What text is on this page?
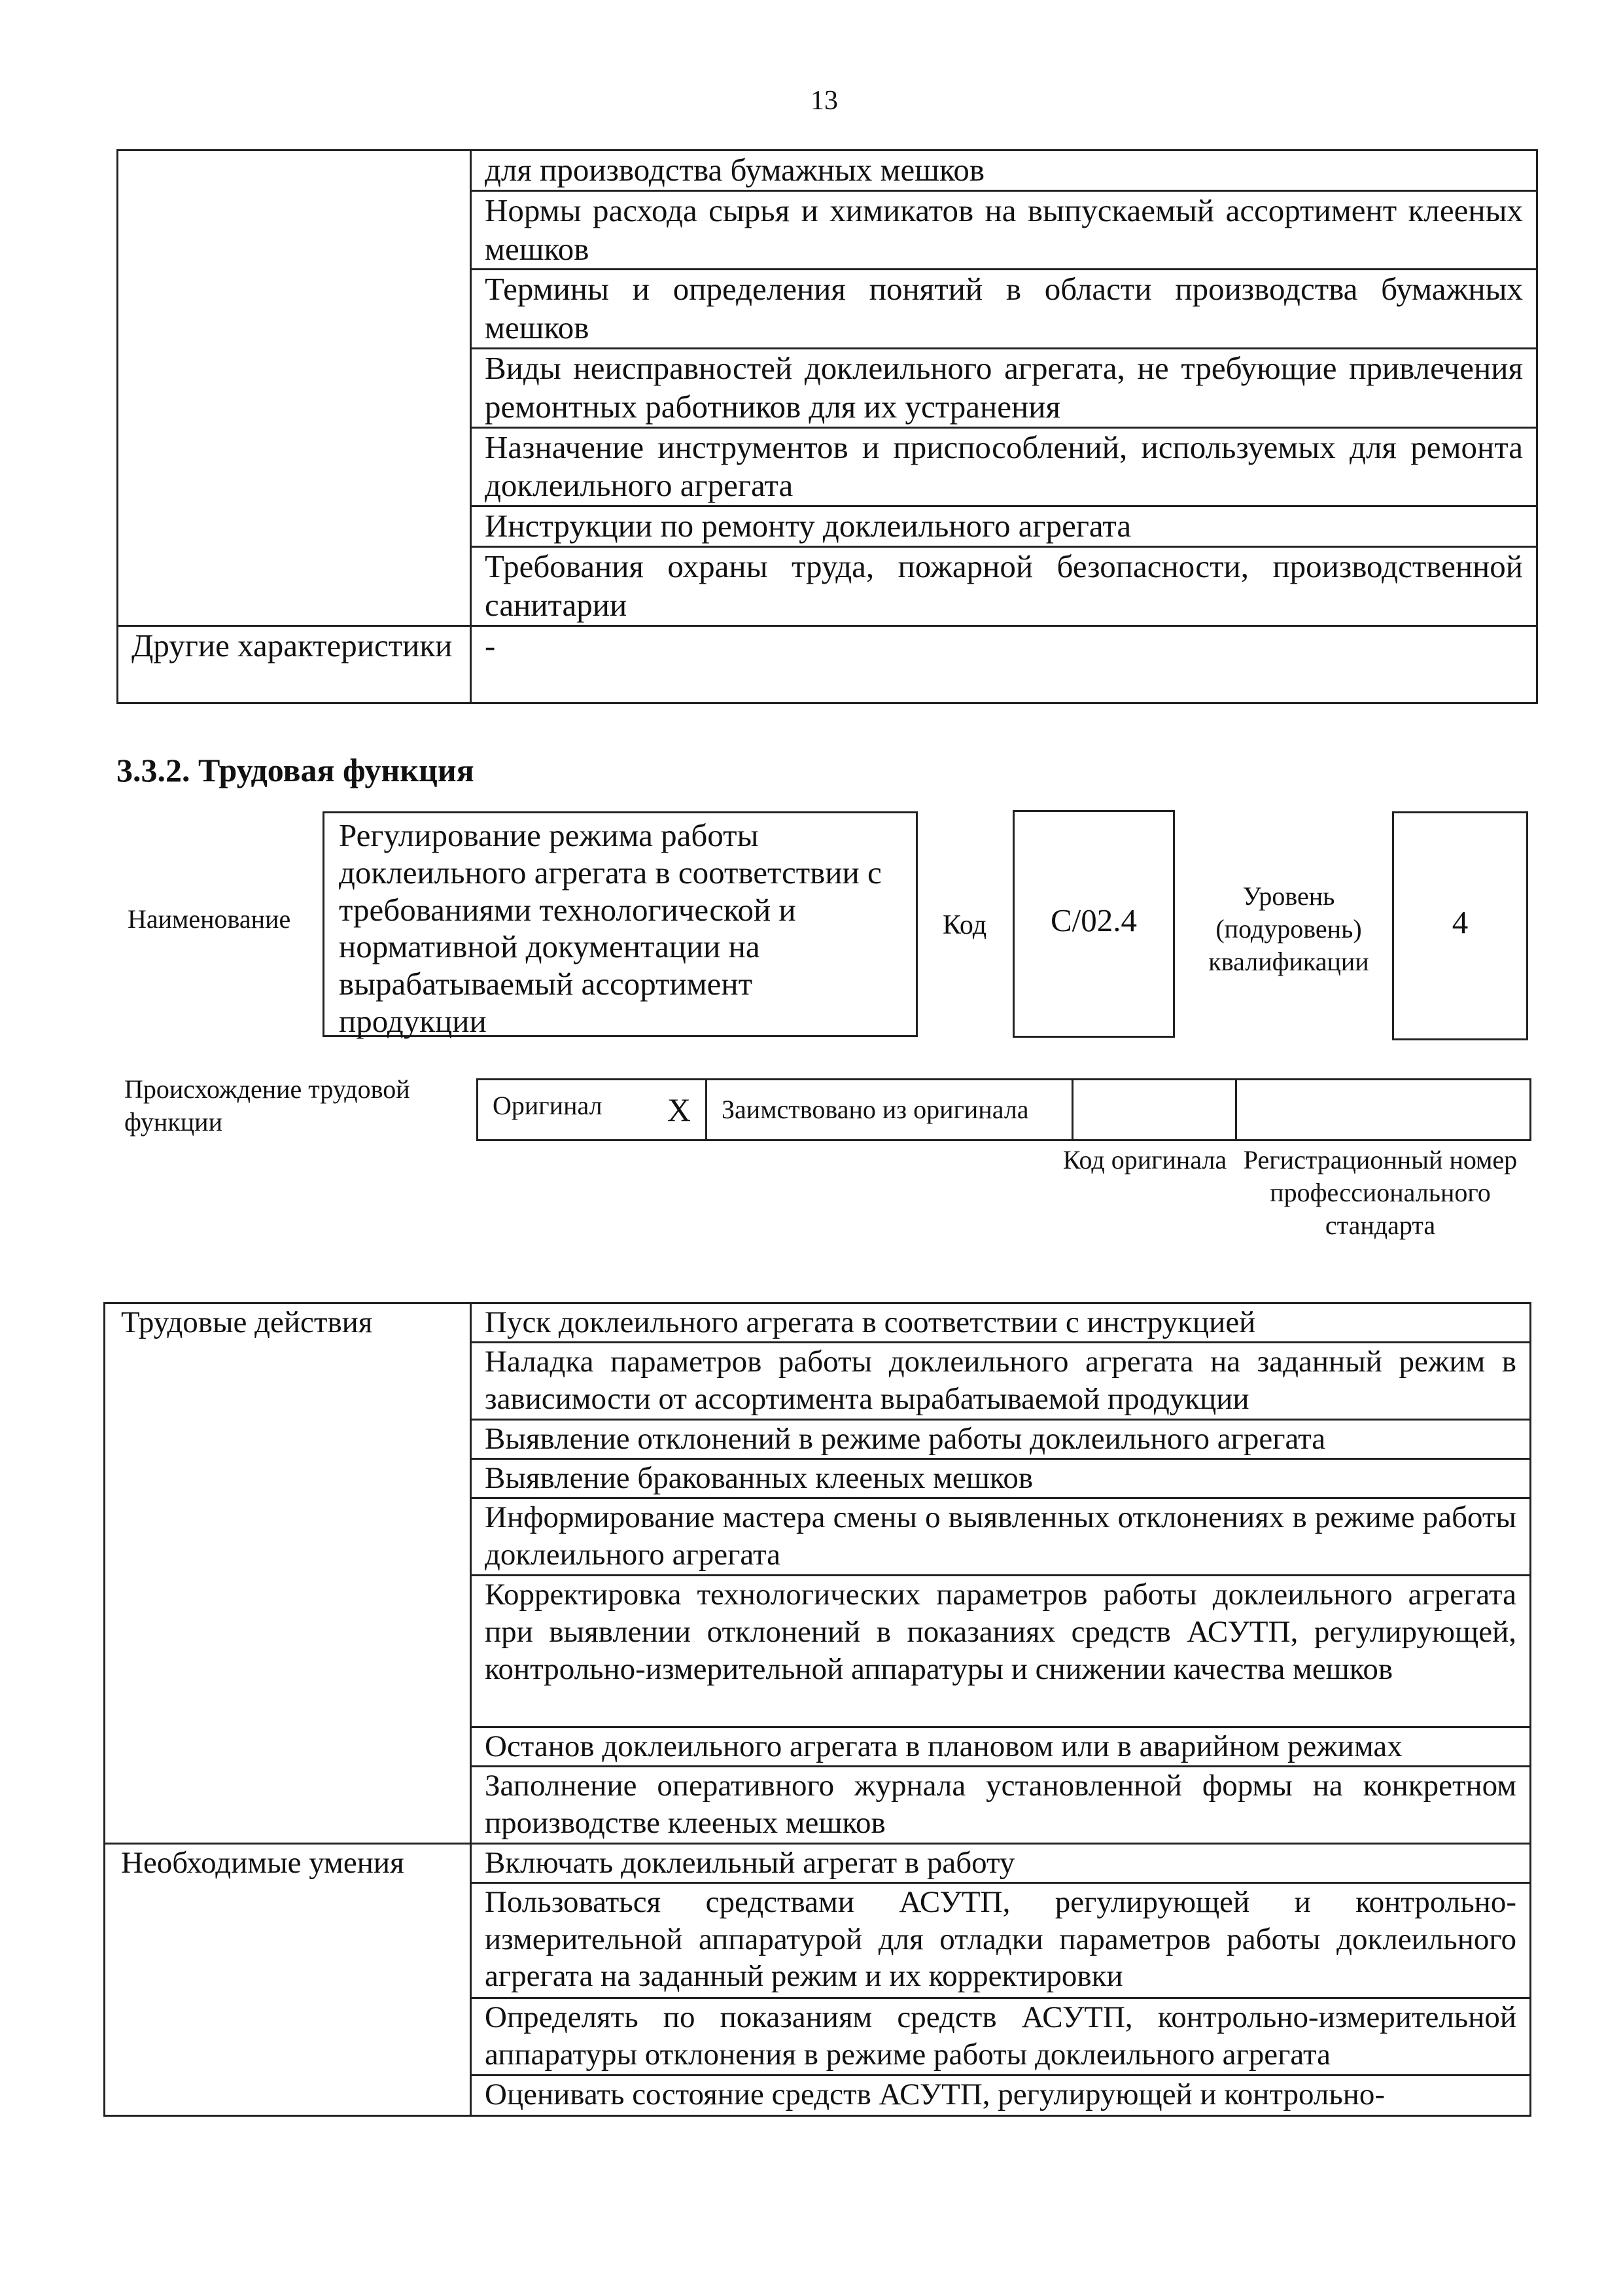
13
	для производства бумажных мешков
	Нормы расхода сырья и химикатов на выпускаемый ассортимент клееных мешков
	Термины и определения понятий в области производства бумажных мешков
	Виды неисправностей доклеильного агрегата, не требующие привлечения ремонтных работников для их устранения
	Назначение инструментов и приспособлений, используемых для ремонта доклеильного агрегата
	Инструкции по ремонту доклеильного агрегата
	Требования охраны труда, пожарной безопасности, производственной санитарии
Другие характеристики	-
3.3.2. Трудовая функция
Наименование
Регулирование режима работы доклеильного агрегата в соответствии с требованиями технологической и нормативной документации на вырабатываемый ассортимент продукции
Код	С/02.4
Уровень (подуровень) квалификации
4
Происхождение трудовой функции
Оригинал X	Заимствовано из оригинала		
Код оригинала Регистрационный номер профессионального стандарта
Трудовые действия	Пуск доклеильного агрегата в соответствии с инструкцией
	Наладка параметров работы доклеильного агрегата на заданный режим в зависимости от ассортимента вырабатываемой продукции
	Выявление отклонений в режиме работы доклеильного агрегата
	Выявление бракованных клееных мешков
	Информирование мастера смены о выявленных отклонениях в режиме работы доклеильного агрегата
	Корректировка технологических параметров работы доклеильного агрегата при выявлении отклонений в показаниях средств АСУТП, регулирующей, контрольно-измерительной аппаратуры и снижении качества мешков
	Останов доклеильного агрегата в плановом или в аварийном режимах
	Заполнение оперативного журнала установленной формы на конкретном производстве клееных мешков
Необходимые умения	Включать доклеильный агрегат в работу
	Пользоваться средствами АСУТП, регулирующей и контрольно-измерительной аппаратурой для отладки параметров работы доклеильного агрегата на заданный режим и их корректировки
	Определять по показаниям средств АСУТП, контрольно-измерительной аппаратуры отклонения в режиме работы доклеильного агрегата
	Оценивать состояние средств АСУТП, регулирующей и контрольно-
